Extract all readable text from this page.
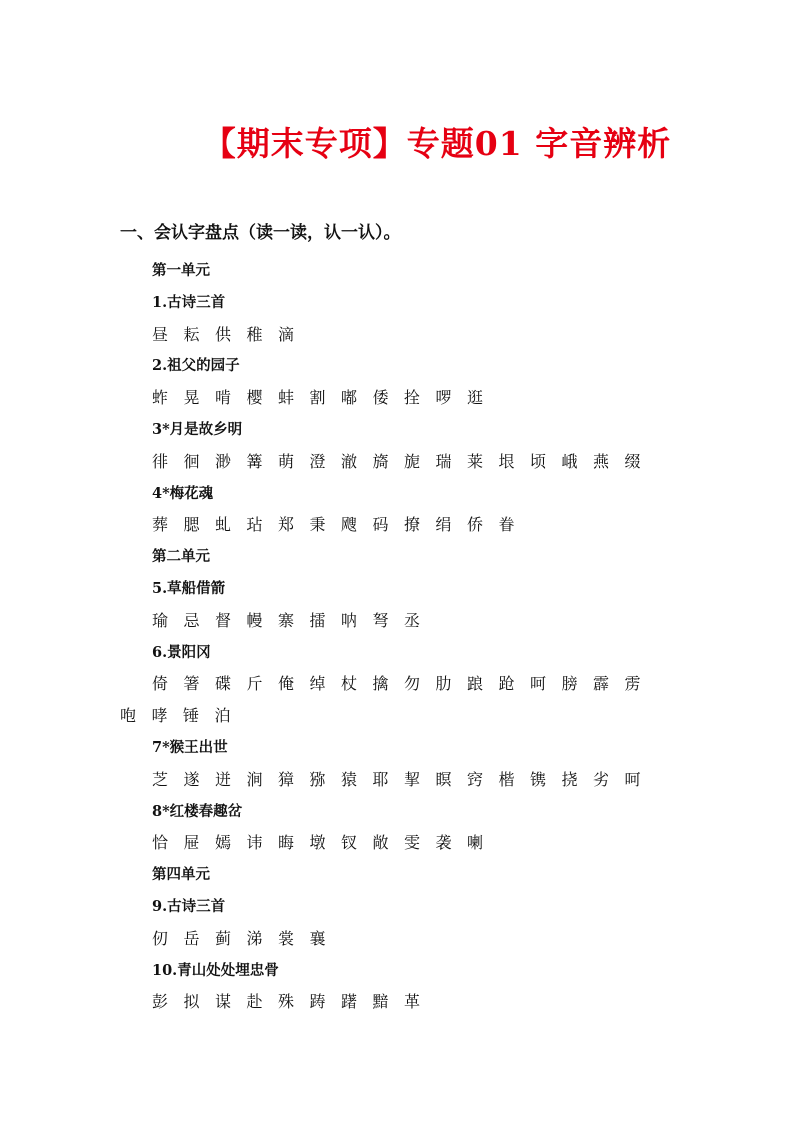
【期末专项】专题01 字音辨析
一、会认字盘点（读一读，认一认）。
第一单元
1.古诗三首
昼 耘 供 稚 滴
2.祖父的园子
蚱 晃 啃 樱 蚌 割 嘟 倭 拴 啰 逛
3*月是故乡明
徘 徊 渺 篝 萌 澄 澈 旖 旎 瑞 莱 垠 顷 峨 燕 缀
4*梅花魂
葬 腮 虬 玷 郑 秉 飕 码 撩 绢 侨 眷
第二单元
5.草船借箭
瑜 忌 督 幔 寨 擂 呐 弩 丞
6.景阳冈
倚 箸 碟 斤 俺 绰 杖 擒 勿 肋 踉 跄 呵 膀 霹 雳咆 哮 锤 泊
7*猴王出世
芝 遂 迸 涧 獐 猕 猿 耶 挈 瞑 窍 楷 镌 挠 劣 呵
8*红楼春趣岔
恰 屉 嫣 讳 晦 墩 钗 敞 雯 袭 喇
第四单元
9.古诗三首
仞 岳 蓟 涕 裳 襄
10.青山处处埋忠骨
彭 拟 谋 赴 殊 踌 躇 黯 革
